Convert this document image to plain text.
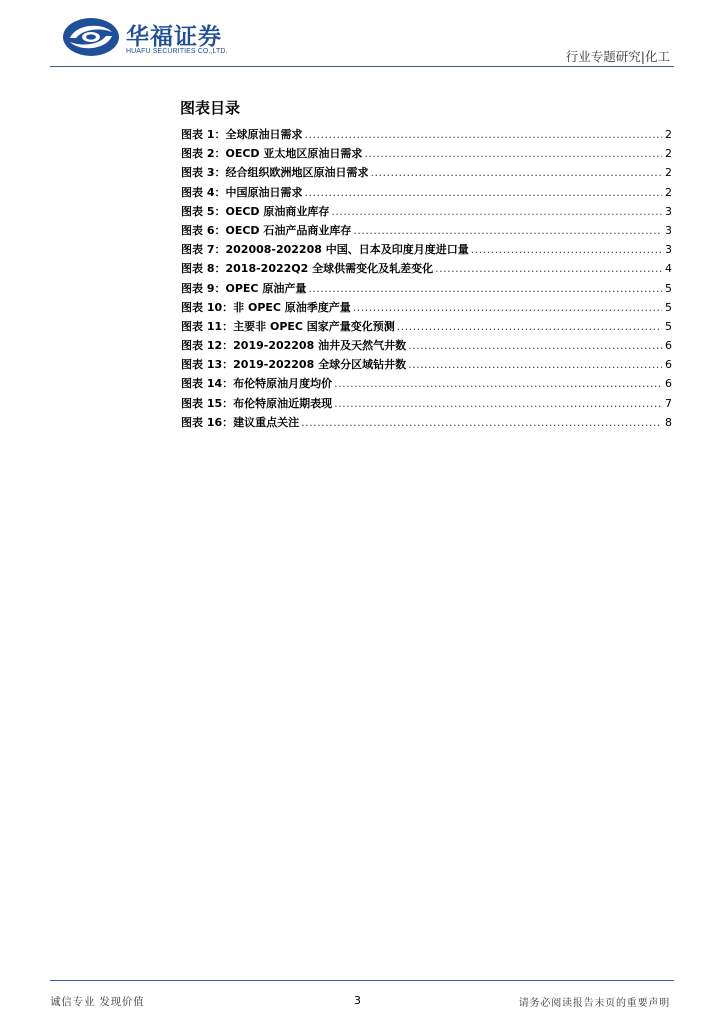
华福证券
HUAFU SECURITIES CO.,LTD.	行业专题研究|化工
图表目录
图表 1：全球原油日需求 .....	2
图表 2：OECD 亚太地区原油日需求 .....	2
图表 3：经合组织欧洲地区原油日需求 .....	2
图表 4：中国原油日需求 .....	2
图表 5：OECD 原油商业库存 .....	3
图表 6：OECD 石油产品商业库存 .....	3
图表 7：202008-202208 中国、日本及印度月度进口量 .....	3
图表 8：2018-2022Q2 全球供需变化及轧差变化 .....	4
图表 9：OPEC 原油产量 .....	5
图表 10：非 OPEC 原油季度产量 .....	5
图表 11：主要非 OPEC 国家产量变化预测 .....	5
图表 12：2019-202208 油井及天然气井数 .....	6
图表 13：2019-202208 全球分区域钻井数 .....	6
图表 14：布伦特原油月度均价 .....	6
图表 15：布伦特原油近期表现 .....	7
图表 16：建议重点关注 .....	8
诚信专业 发现价值	3	请务必阅读报告末页的重要声明
